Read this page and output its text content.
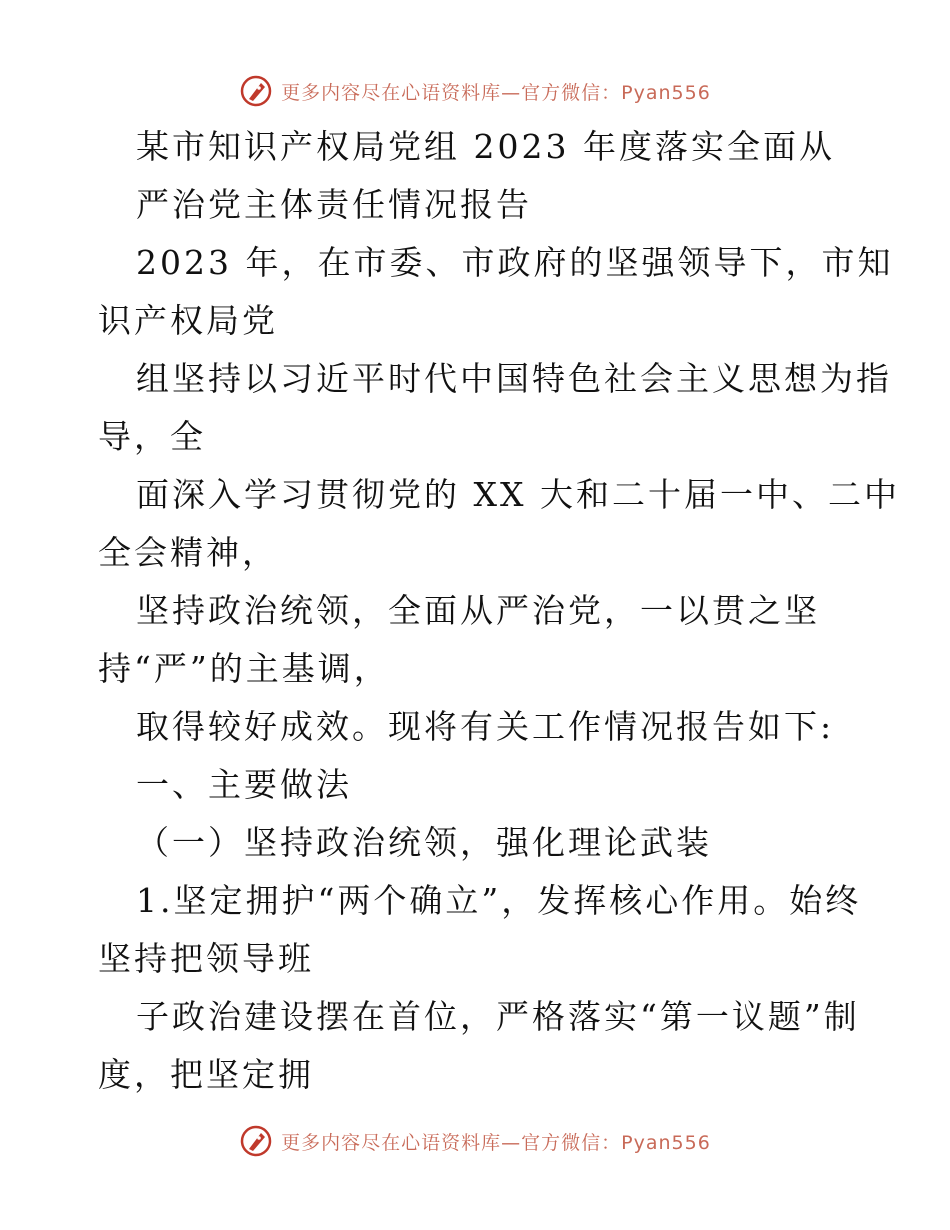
更多内容尽在心语资料库—官方微信：Pyan556
某市知识产权局党组 2023 年度落实全面从
严治党主体责任情况报告
2023 年，在市委、市政府的坚强领导下，市知
识产权局党
组坚持以习近平时代中国特色社会主义思想为指
导，全
面深入学习贯彻党的 XX 大和二十届一中、二中
全会精神，
坚持政治统领，全面从严治党，一以贯之坚
持“严”的主基调，
取得较好成效。现将有关工作情况报告如下:
一、主要做法
（一）坚持政治统领，强化理论武装
1.坚定拥护“两个确立”，发挥核心作用。始终
坚持把领导班
子政治建设摆在首位，严格落实“第一议题”制
度，把坚定拥
更多内容尽在心语资料库—官方微信：Pyan556
